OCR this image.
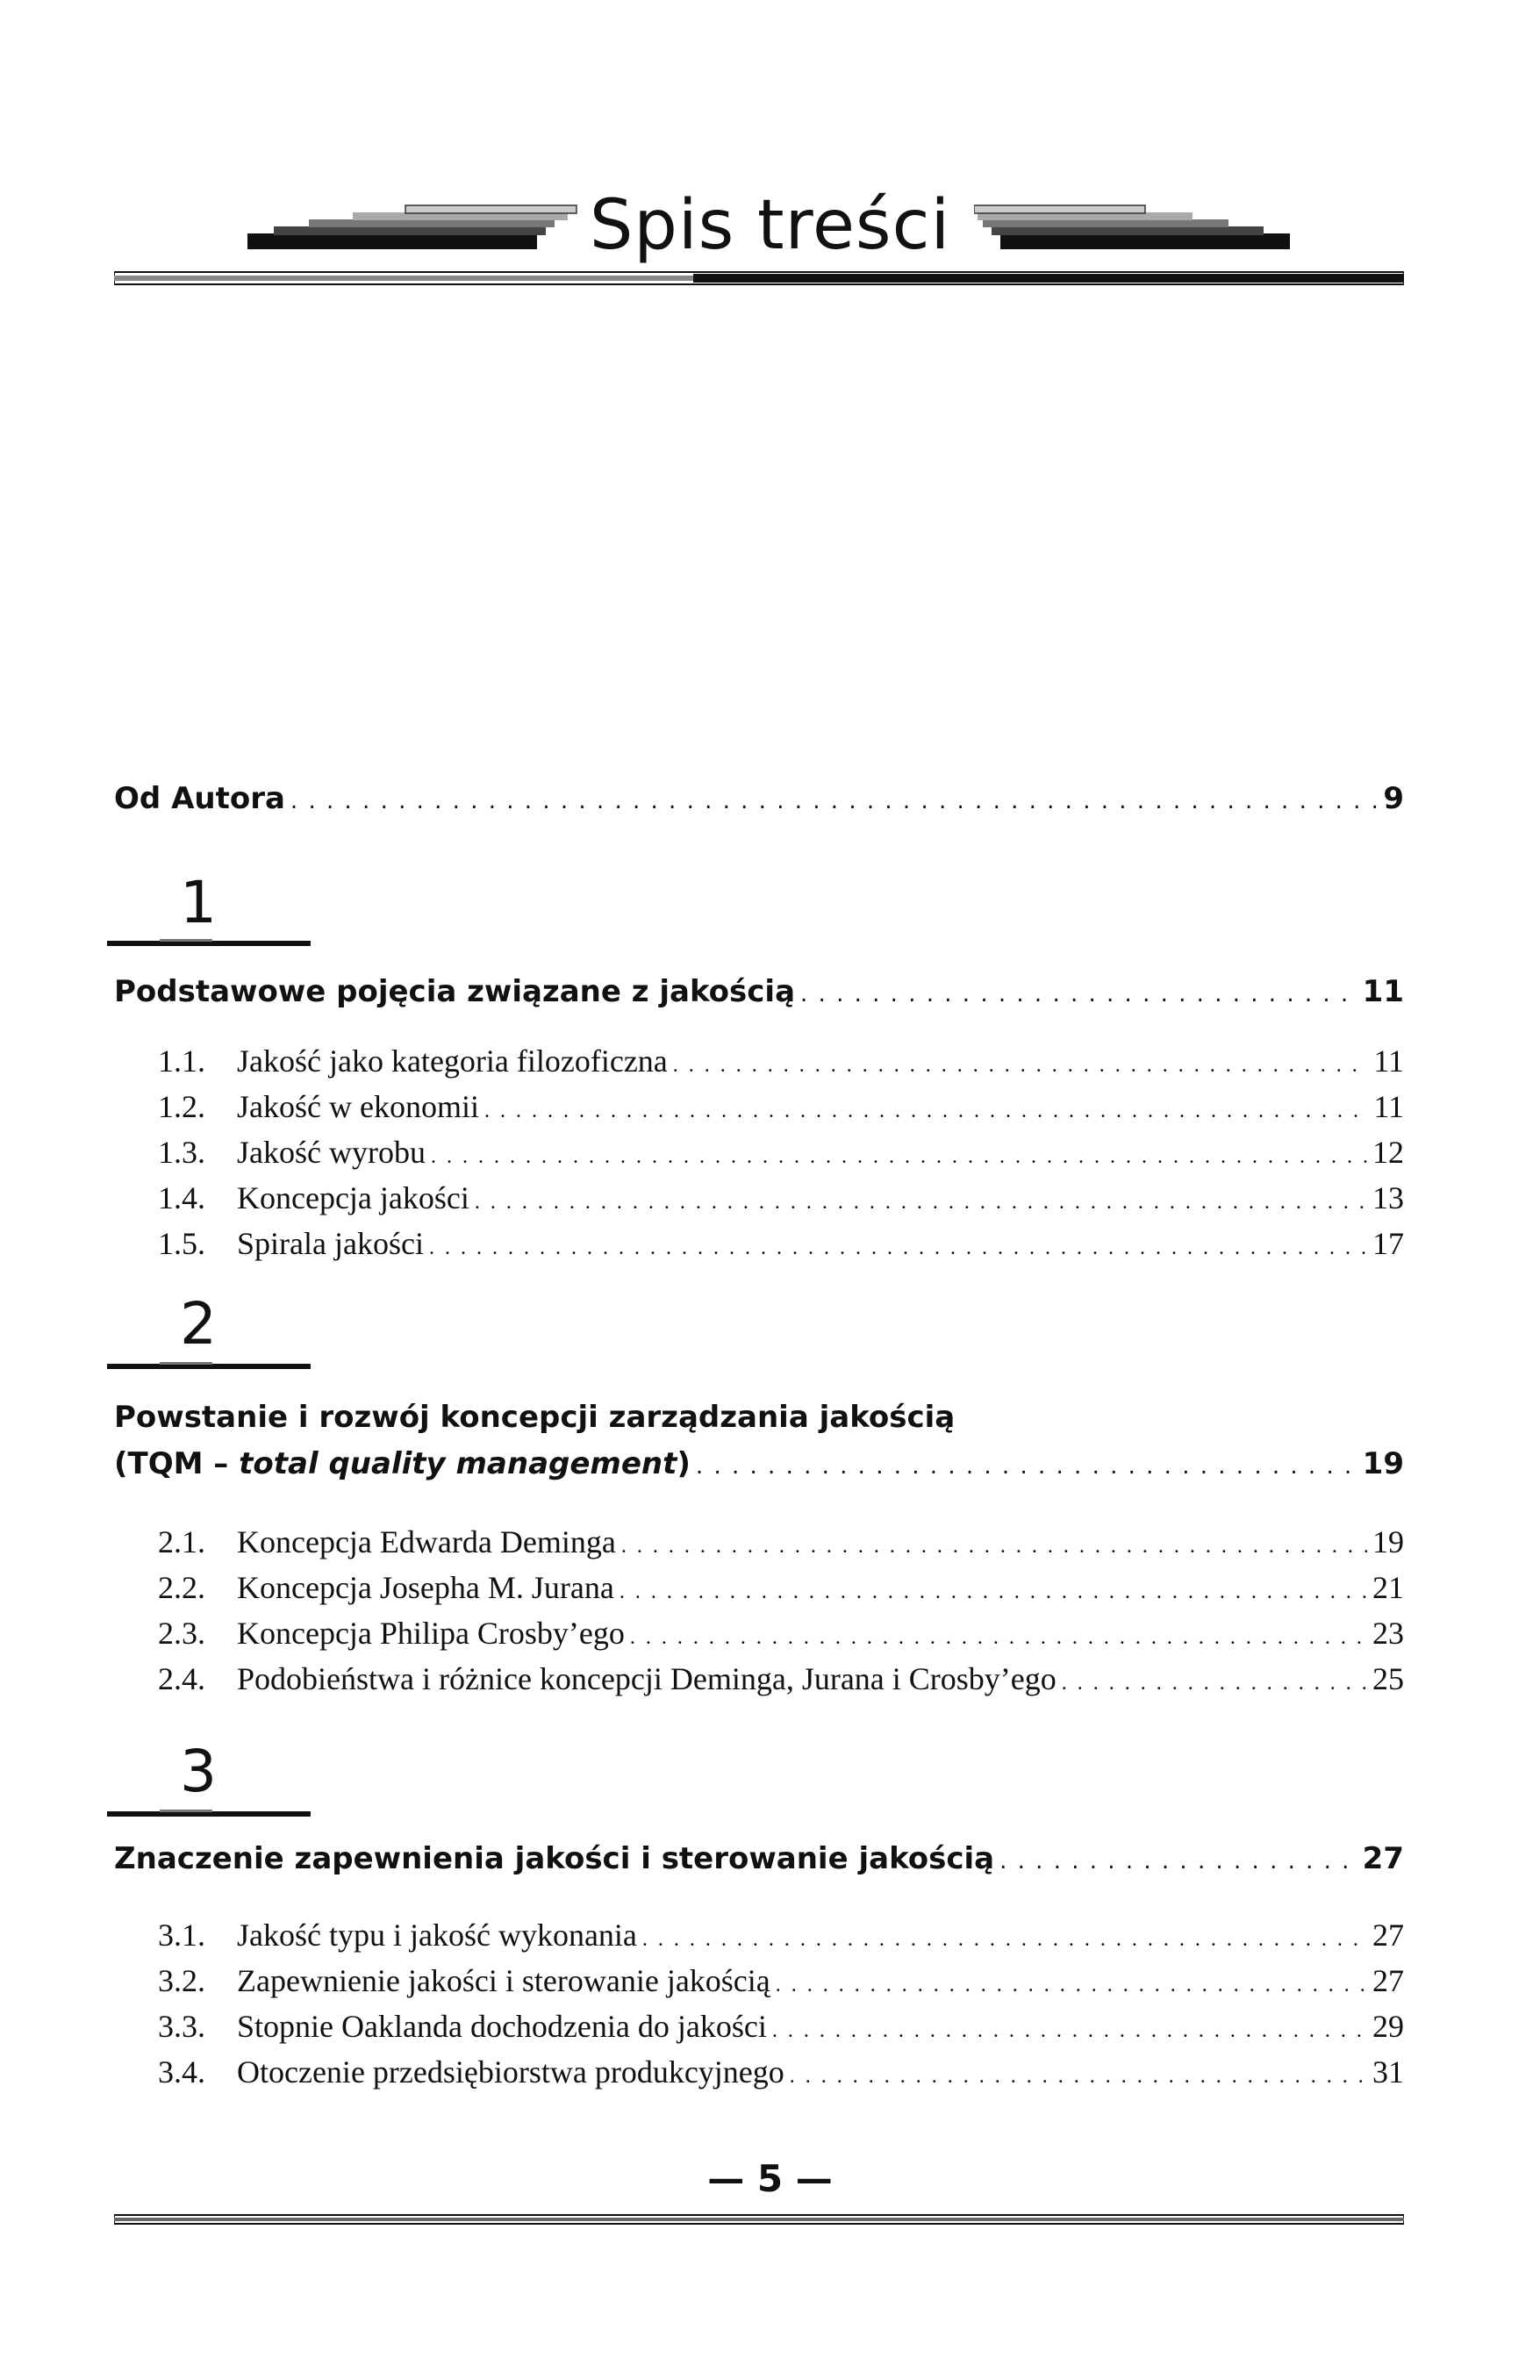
Spis treści
Od Autora . . .	9
1
Podstawowe pojęcia związane z jakością . . .	11
1.1.	Jakość jako kategoria filozoficzna . . .	11
1.2.	Jakość w ekonomii . . .	11
1.3.	Jakość wyrobu . . .	12
1.4.	Koncepcja jakości . . .	13
1.5.	Spirala jakości . . .	17
2
Powstanie i rozwój koncepcji zarządzania jakością
(TQM – total quality management) . . .	19
2.1.	Koncepcja Edwarda Deminga . . .	19
2.2.	Koncepcja Josepha M. Jurana . . .	21
2.3.	Koncepcja Philipa Crosby’ego . . .	23
2.4.	Podobieństwa i różnice koncepcji Deminga, Jurana i Crosby’ego . . .	25
3
Znaczenie zapewnienia jakości i sterowanie jakością . . .	27
3.1.	Jakość typu i jakość wykonania . . .	27
3.2.	Zapewnienie jakości i sterowanie jakością . . .	27
3.3.	Stopnie Oaklanda dochodzenia do jakości . . .	29
3.4.	Otoczenie przedsiębiorstwa produkcyjnego . . .	31
— 5 —
